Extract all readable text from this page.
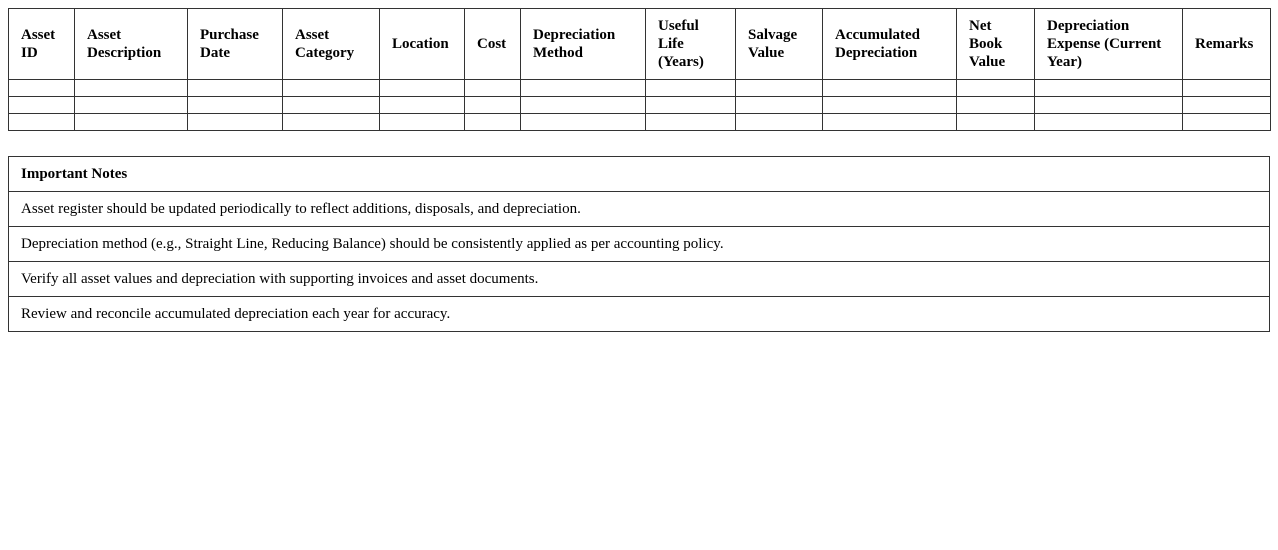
Asset ID	Asset Description	Purchase Date	Asset Category	Location	Cost	Depreciation Method	Useful Life (Years)	Salvage Value	Accumulated Depreciation	Net Book Value	Depreciation Expense (Current Year)	Remarks

Important Notes
Asset register should be updated periodically to reflect additions, disposals, and depreciation.
Depreciation method (e.g., Straight Line, Reducing Balance) should be consistently applied as per accounting policy.
Verify all asset values and depreciation with supporting invoices and asset documents.
Review and reconcile accumulated depreciation each year for accuracy.
